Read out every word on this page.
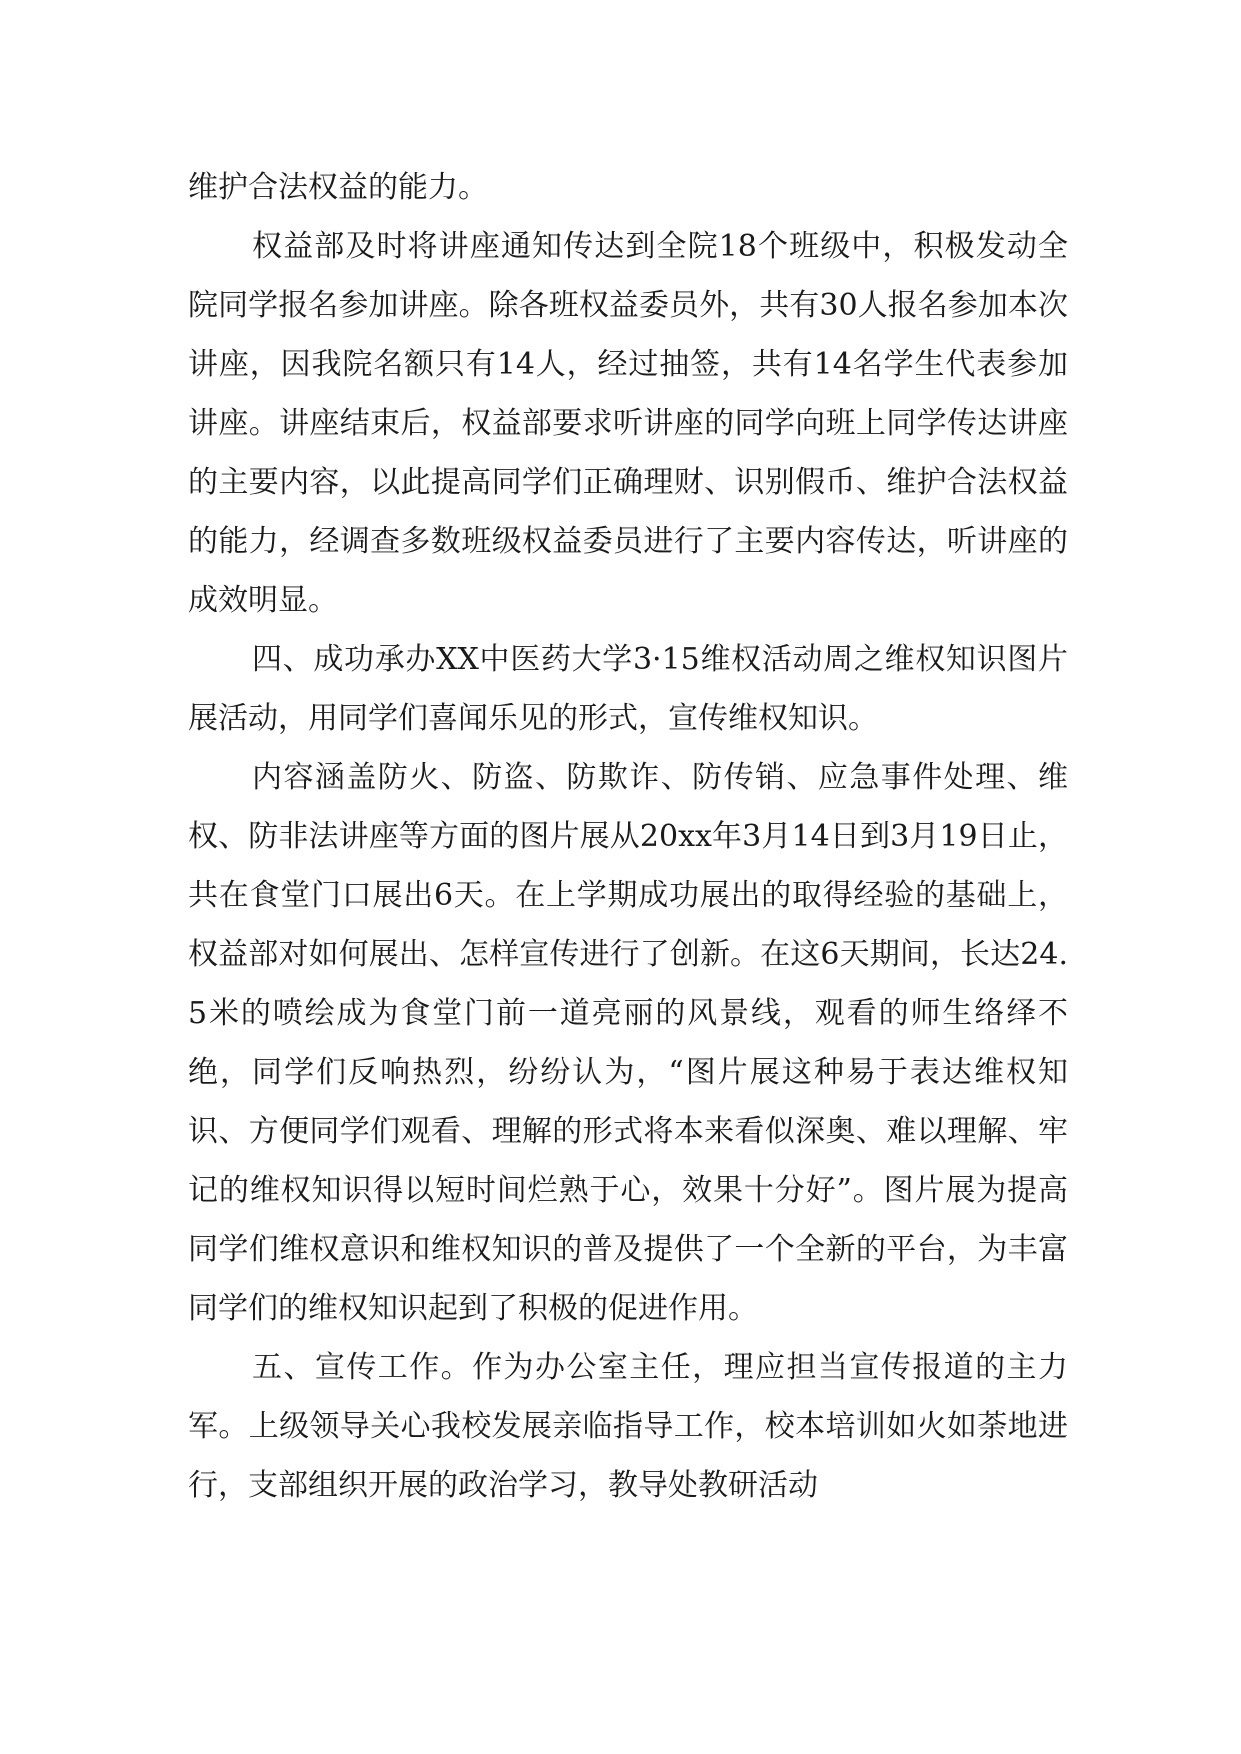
维护合法权益的能力。

权益部及时将讲座通知传达到全院18个班级中，积极发动全院同学报名参加讲座。除各班权益委员外，共有30人报名参加本次讲座，因我院名额只有14人，经过抽签，共有14名学生代表参加讲座。讲座结束后，权益部要求听讲座的同学向班上同学传达讲座的主要内容，以此提高同学们正确理财、识别假币、维护合法权益的能力，经调查多数班级权益委员进行了主要内容传达，听讲座的成效明显。

四、成功承办XX中医药大学3·15维权活动周之维权知识图片展活动，用同学们喜闻乐见的形式，宣传维权知识。

内容涵盖防火、防盗、防欺诈、防传销、应急事件处理、维权、防非法讲座等方面的图片展从20xx年3月14日到3月19日止，共在食堂门口展出6天。在上学期成功展出的取得经验的基础上，权益部对如何展出、怎样宣传进行了创新。在这6天期间，长达24.5米的喷绘成为食堂门前一道亮丽的风景线，观看的师生络绎不绝，同学们反响热烈，纷纷认为，“图片展这种易于表达维权知识、方便同学们观看、理解的形式将本来看似深奥、难以理解、牢记的维权知识得以短时间烂熟于心，效果十分好”。图片展为提高同学们维权意识和维权知识的普及提供了一个全新的平台，为丰富同学们的维权知识起到了积极的促进作用。

五、宣传工作。作为办公室主任，理应担当宣传报道的主力军。上级领导关心我校发展亲临指导工作，校本培训如火如荼地进行，支部组织开展的政治学习，教导处教研活动
